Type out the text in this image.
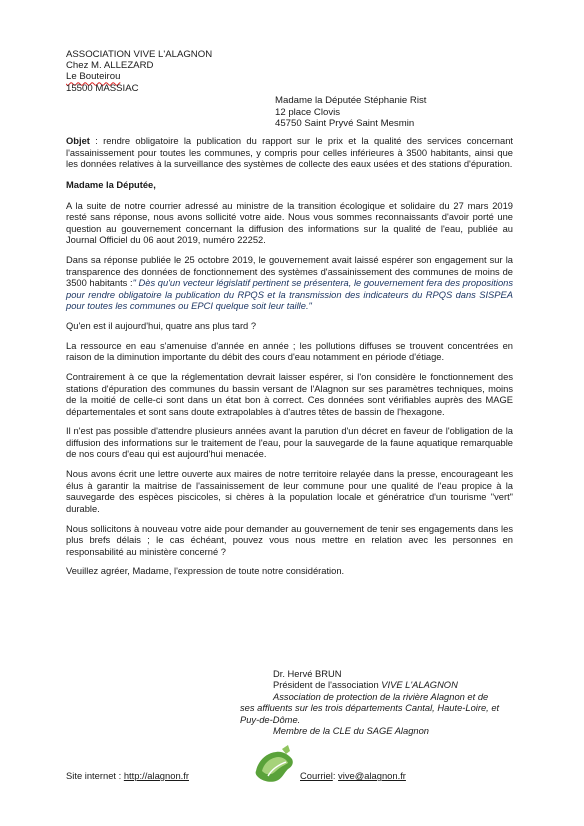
ASSOCIATION VIVE L'ALAGNON
Chez M. ALLEZARD
Le Bouteirou
15500 MASSIAC
Madame la Députée Stéphanie Rist
12 place Clovis
45750 Saint Pryvé Saint Mesmin

Objet : rendre obligatoire la publication du rapport sur le prix et la qualité des services concernant l'assainissement pour toutes les communes, y compris pour celles inférieures à 3500 habitants, ainsi que les données relatives à la surveillance des systèmes de collecte des eaux usées et des stations d'épuration.

Madame la Députée,

A la suite de notre courrier adressé au ministre de la transition écologique et solidaire du 27 mars 2019 resté sans réponse, nous avons sollicité votre aide. Nous vous sommes reconnaissants d'avoir porté une question au gouvernement concernant la diffusion des informations sur la qualité de l'eau, publiée au Journal Officiel du 06 aout 2019, numéro 22252.

Dans sa réponse publiée le 25 octobre 2019, le gouvernement avait laissé espérer son engagement sur la transparence des données de fonctionnement des systèmes d'assainissement des communes de moins de 3500 habitants :" Dès qu'un vecteur législatif pertinent se présentera, le gouvernement fera des propositions pour rendre obligatoire la publication du RPQS et la transmission des indicateurs du RPQS dans SISPEA pour toutes les communes ou EPCI quelque soit leur taille."

Qu'en est il aujourd'hui, quatre ans plus tard ?

La ressource en eau s'amenuise d'année en année ; les pollutions diffuses se trouvent concentrées en raison de la diminution importante du débit des cours d'eau notamment en période d'étiage.

Contrairement à ce que la réglementation devrait laisser espérer, si l'on considère le fonctionnement des stations d'épuration des communes du bassin versant de l'Alagnon sur ses paramètres techniques, moins de la moitié de celle-ci sont dans un état bon à correct. Ces données sont vérifiables auprès des MAGE départementales et sont sans doute extrapolables à d'autres têtes de bassin de l'hexagone.

Il n'est pas possible d'attendre plusieurs années avant la parution d'un décret en faveur de l'obligation de la diffusion des informations sur le traitement de l'eau, pour la sauvegarde de la faune aquatique remarquable de nos cours d'eau qui est aujourd'hui menacée.

Nous avons écrit une lettre ouverte aux maires de notre territoire relayée dans la presse, encourageant les élus à garantir la maitrise de l'assainissement de leur commune pour une qualité de l'eau propice à la sauvegarde des espèces piscicoles, si chères à la population locale et génératrice d'un tourisme "vert" durable.

Nous sollicitons à nouveau votre aide pour demander au gouvernement de tenir ses engagements dans les plus brefs délais ; le cas échéant, pouvez vous nous mettre en relation avec les personnes en responsabilité au ministère concerné ?

Veuillez agréer, Madame, l'expression de toute notre considération.

Dr. Hervé BRUN
Président de l'association VIVE L'ALAGNON
Association de protection de la rivière Alagnon et de
ses affluents sur les trois départements Cantal, Haute-Loire, et
Puy-de-Dôme.
Membre de la CLE du SAGE Alagnon
Site internet : http://alagnon.fr	Courriel: vive@alagnon.fr
